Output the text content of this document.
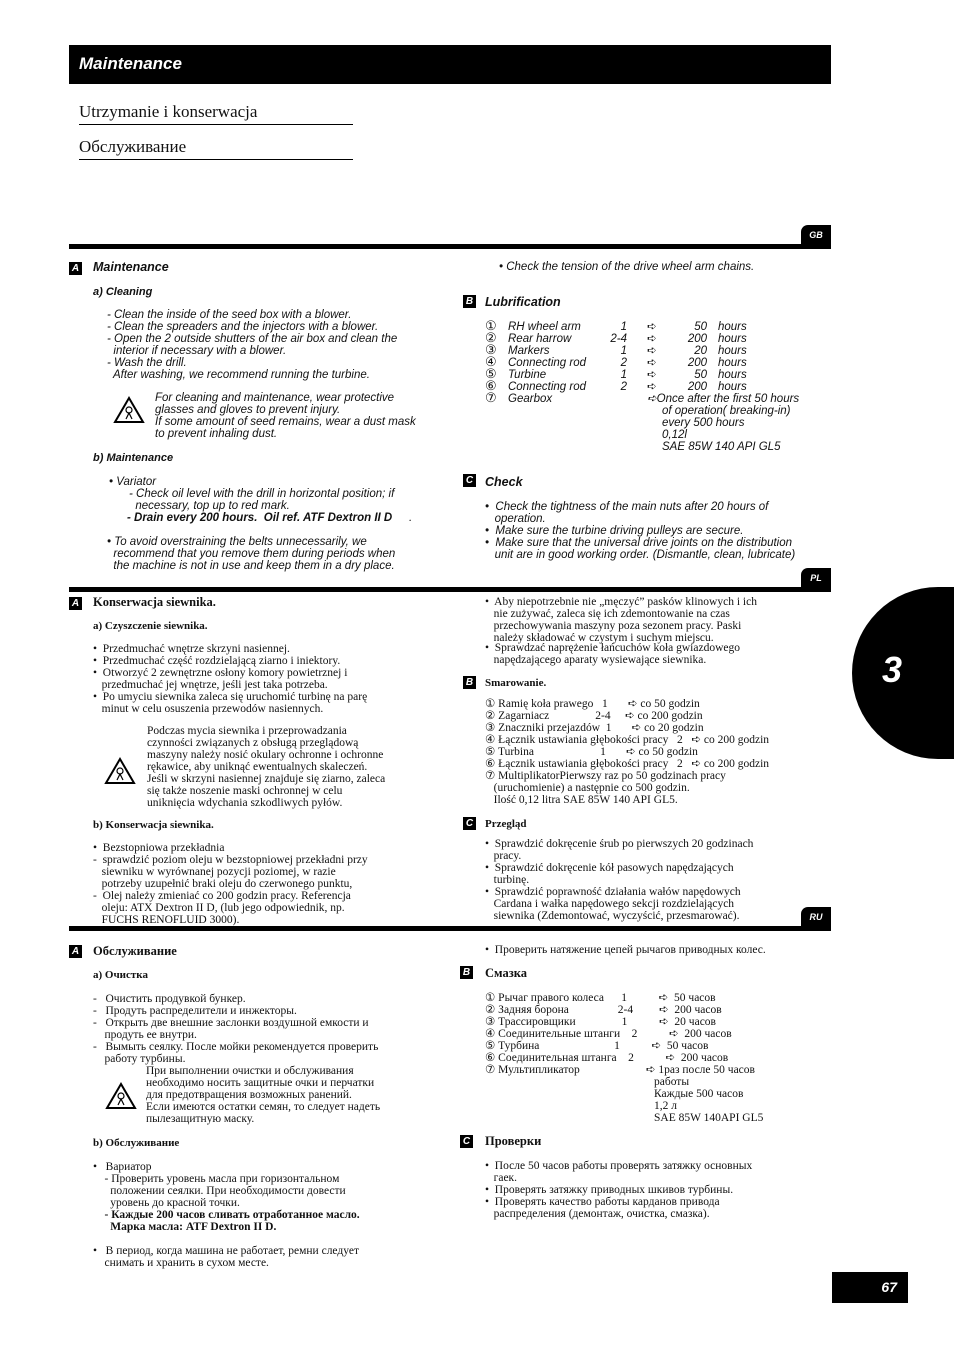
Maintenance
Utrzymanie i konserwacja
Обслуживание
3
GB
A Maintenance
a) Cleaning
- Clean the inside of the seed box with a blower.
- Clean the spreaders and the injectors with a blower.
- Open the 2 outside shutters of the air box and clean the
interior if necessary with a blower.
- Wash the drill.
After washing, we recommend running the turbine.
For cleaning and maintenance, wear protective
glasses and gloves to prevent injury.
If some amount of seed remains, wear a dust mask
to prevent inhaling dust.
b) Maintenance
• Variator
- Check oil level with the drill in horizontal position; if
necessary, top up to red mark.
- Drain every 200 hours.  Oil ref. ATF Dextron II D .
• To avoid overstraining the belts unnecessarily, we
recommend that you remove them during periods when
the machine is not in use and keep them in a dry place.
• Check the tension of the drive wheel arm chains.
B Lubrification
① RH wheel arm	1 ➪	50 hours
② Rear harrow	2-4 ➪	200 hours
③ Markers	1 ➪	20 hours
④ Connecting rod	2 ➪	200 hours
⑤ Turbine	1 ➪	50 hours
⑥ Connecting rod	2 ➪	200 hours
⑦ Gearbox	➪Once after the first 50 hours
of operation( breaking-in)
every 500 hours
0,12l
SAE 85W 140 API GL5
C Check
•  Check the tightness of the main nuts after 20 hours of
operation.
•  Make sure the turbine driving pulleys are secure.
•  Make sure that the universal drive joints on the distribution
unit are in good working order. (Dismantle, clean, lubricate)
PL
A Konserwacja siewnika.
a) Czyszczenie siewnika.
•  Przedmuchać wnętrze skrzyni nasiennej.
•  Przedmuchać część rozdzielającą ziarno i iniektory.
•  Otworzyć 2 zewnętrzne osłony komory powietrznej i
przedmuchać jej wnętrze, jeśli jest taka potrzeba.
•  Po umyciu siewnika zaleca się uruchomić turbinę na parę
minut w celu osuszenia przewodów nasiennych.
Podczas mycia siewnika i przeprowadzania
czynności związanych z obsługą przeglądową
maszyny należy nosić okulary ochronne i ochronne
rękawice, aby uniknąć ewentualnych skaleczeń.
Jeśli w skrzyni nasiennej znajduje się ziarno, zaleca
się także noszenie maski ochronnej w celu
uniknięcia wdychania szkodliwych pyłów.
b) Konserwacja siewnika.
•  Bezstopniowa przekładnia
-  sprawdzić poziom oleju w bezstopniowej przekładni przy
siewniku w wyrównanej pozycji poziomej, w razie
potrzeby uzupełnić braki oleju do czerwonego punktu,
-  Olej należy zmieniać co 200 godzin pracy. Referencja
oleju: ATX Dextron II D, (lub jego odpowiednik, np.
FUCHS RENOFLUID 3000).
•  Aby niepotrzebnie nie „męczyć” pasków klinowych i ich
nie zużywać, zaleca się ich zdemontowanie na czas
przechowywania maszyny poza sezonem pracy. Paski
należy składować w czystym i suchym miejscu.
•  Sprawdzać naprężenie łańcuchów koła gwiazdowego
napędzającego aparaty wysiewające siewnika.
B Smarowanie.
① Ramię koła prawego   1       ➪ co 50 godzin
② Zagarniacz                2-4     ➪ co 200 godzin
③ Znaczniki przejazdów  1       ➪ co 20 godzin
④ Łącznik ustawiania głębokości pracy   2   ➪ co 200 godzin
⑤ Turbina                       1       ➪ co 50 godzin
⑥ Łącznik ustawiania głębokości pracy   2   ➪ co 200 godzin
⑦ MultiplikatorPierwszy raz po 50 godzinach pracy
(uruchomienie) a następnie co 500 godzin.
Ilość 0,12 litra SAE 85W 140 API GL5.
C Przegląd
•  Sprawdzić dokręcenie śrub po pierwszych 20 godzinach
pracy.
•  Sprawdzić dokręcenie kół pasowych napędzających
turbinę.
•  Sprawdzić poprawność działania wałów napędowych
Cardana i wałka napędowego sekcji rozdzielających
siewnika (Zdemontować, wyczyścić, przesmarować).	RU
A Обслуживание
a) Очистка
-   Очистить продувкой бункер.
-   Продуть распределители и инжекторы.
-   Открыть две внешние заслонки воздушной емкости и
продуть ее внутри.
-   Вымыть сеялку. После мойки рекомендуется проверить
работу турбины.
При выполнении очистки и обслуживания
необходимо носить защитные очки и перчатки
для предотвращения возможных ранений.
Если имеются остатки семян, то следует надеть
пылезащитную маску.
b) Обслуживание
•   Вариатор
- Проверить уровень масла при горизонтальном
положении сеялки. При необходимости довести
уровень до красной точки.
- Каждые 200 часов сливать отработанное масло.
Марка масла: ATF Dextron II D.
•   В период, когда машина не работает, ремни следует
снимать и хранить в сухом месте.
•  Проверить натяжение цепей рычагов приводных колес.
B Смазка
① Рычаг правого колеса      1           ➪  50 часов
② Задняя борона                 2-4         ➪  200 часов
③ Трассировщики                1           ➪  20 часов
④ Соединительные штанги    2           ➪  200 часов
⑤ Турбина                          1           ➪  50 часов
⑥ Соединительная штанга    2           ➪  200 часов
⑦ Мультипликатор                       ➪ 1раз после 50 часов
работы
Каждые 500 часов
1,2 л
SAE 85W 140API GL5
C Проверки
•  После 50 часов работы проверять затяжку основных
гаек.
•  Проверять затяжку приводных шкивов турбины.
•  Проверять качество работы карданов привода
распределения (демонтаж, очистка, смазка).
67
